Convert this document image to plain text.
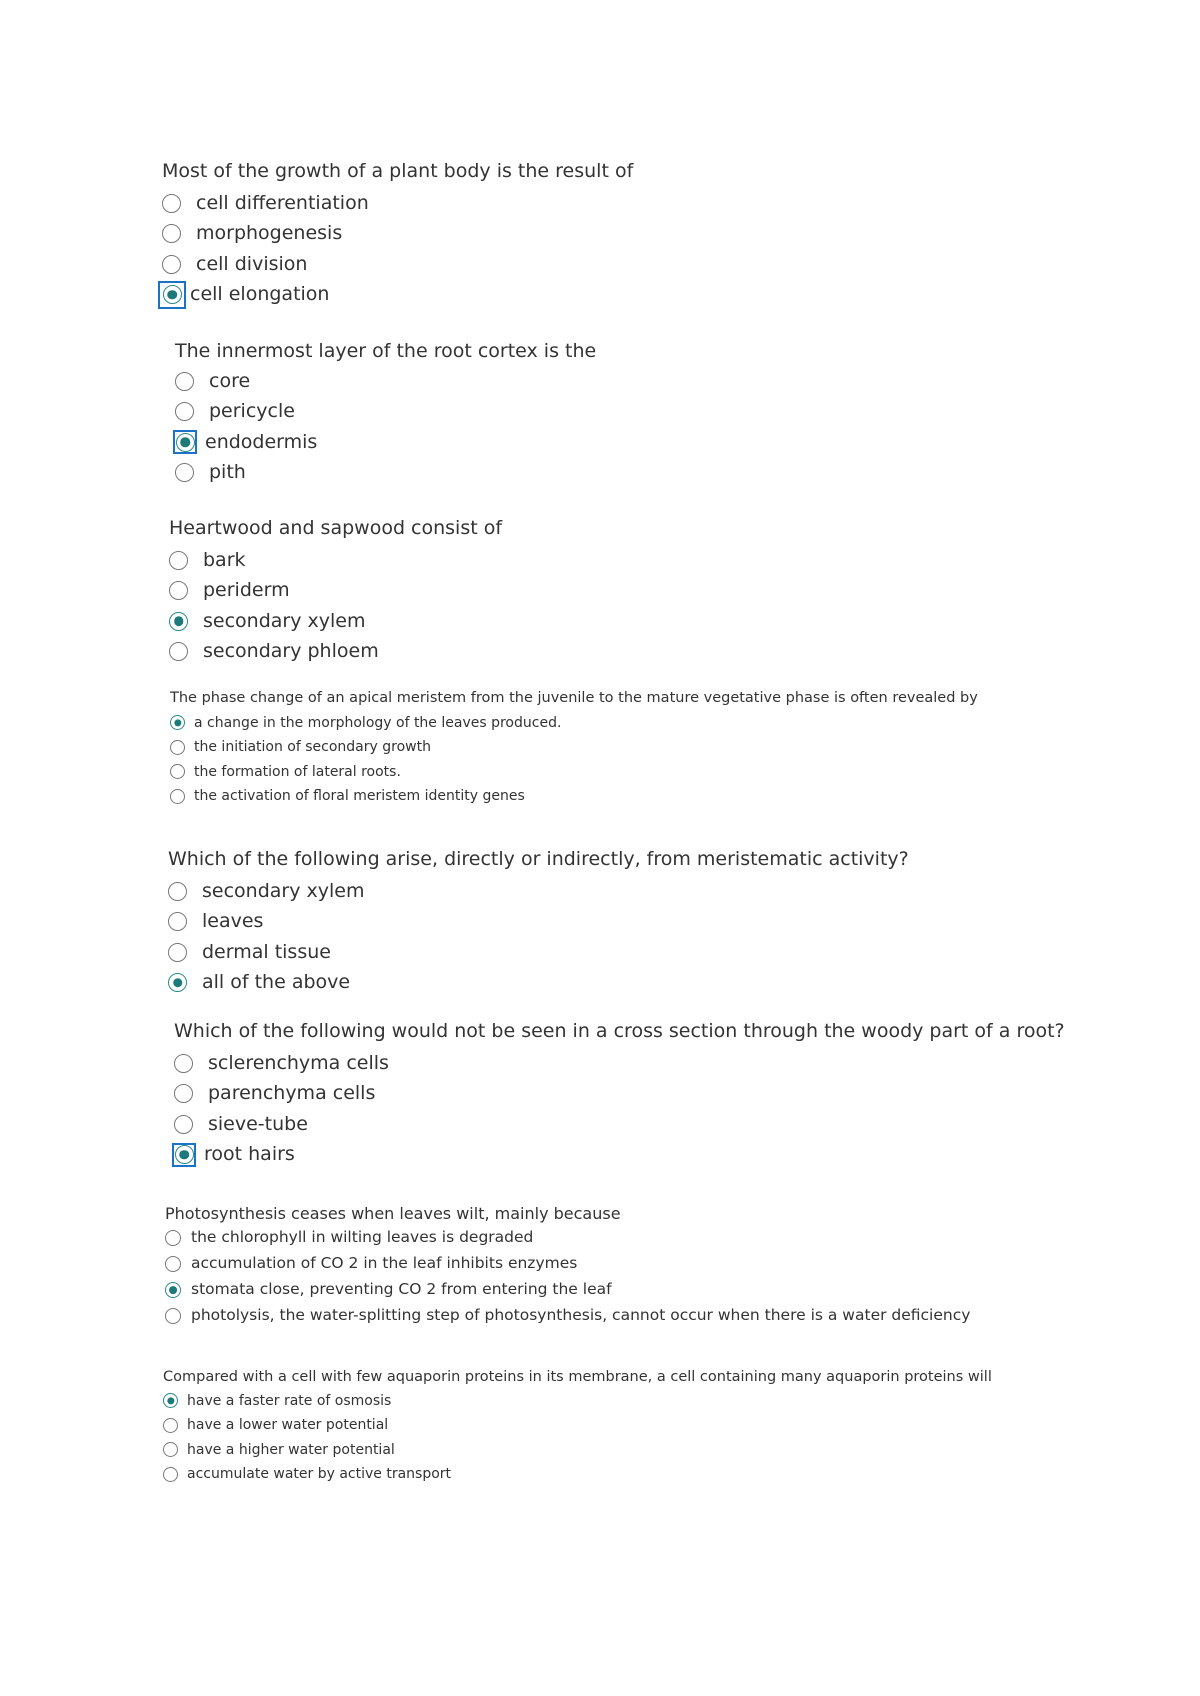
Most of the growth of a plant body is the result of

cell differentiation
morphogenesis
cell division
cell elongation

The innermost layer of the root cortex is the

core
pericycle
endodermis
pith

Heartwood and sapwood consist of

bark
periderm
secondary xylem
secondary phloem

The phase change of an apical meristem from the juvenile to the mature vegetative phase is often revealed by

a change in the morphology of the leaves produced.
the initiation of secondary growth
the formation of lateral roots.
the activation of floral meristem identity genes

Which of the following arise, directly or indirectly, from meristematic activity?

secondary xylem
leaves
dermal tissue
all of the above

Which of the following would not be seen in a cross section through the woody part of a root?

sclerenchyma cells
parenchyma cells
sieve-tube
root hairs

Photosynthesis ceases when leaves wilt, mainly because

the chlorophyll in wilting leaves is degraded
accumulation of CO 2 in the leaf inhibits enzymes
stomata close, preventing CO 2 from entering the leaf
photolysis, the water-splitting step of photosynthesis, cannot occur when there is a water deficiency

Compared with a cell with few aquaporin proteins in its membrane, a cell containing many aquaporin proteins will

have a faster rate of osmosis
have a lower water potential
have a higher water potential
accumulate water by active transport
